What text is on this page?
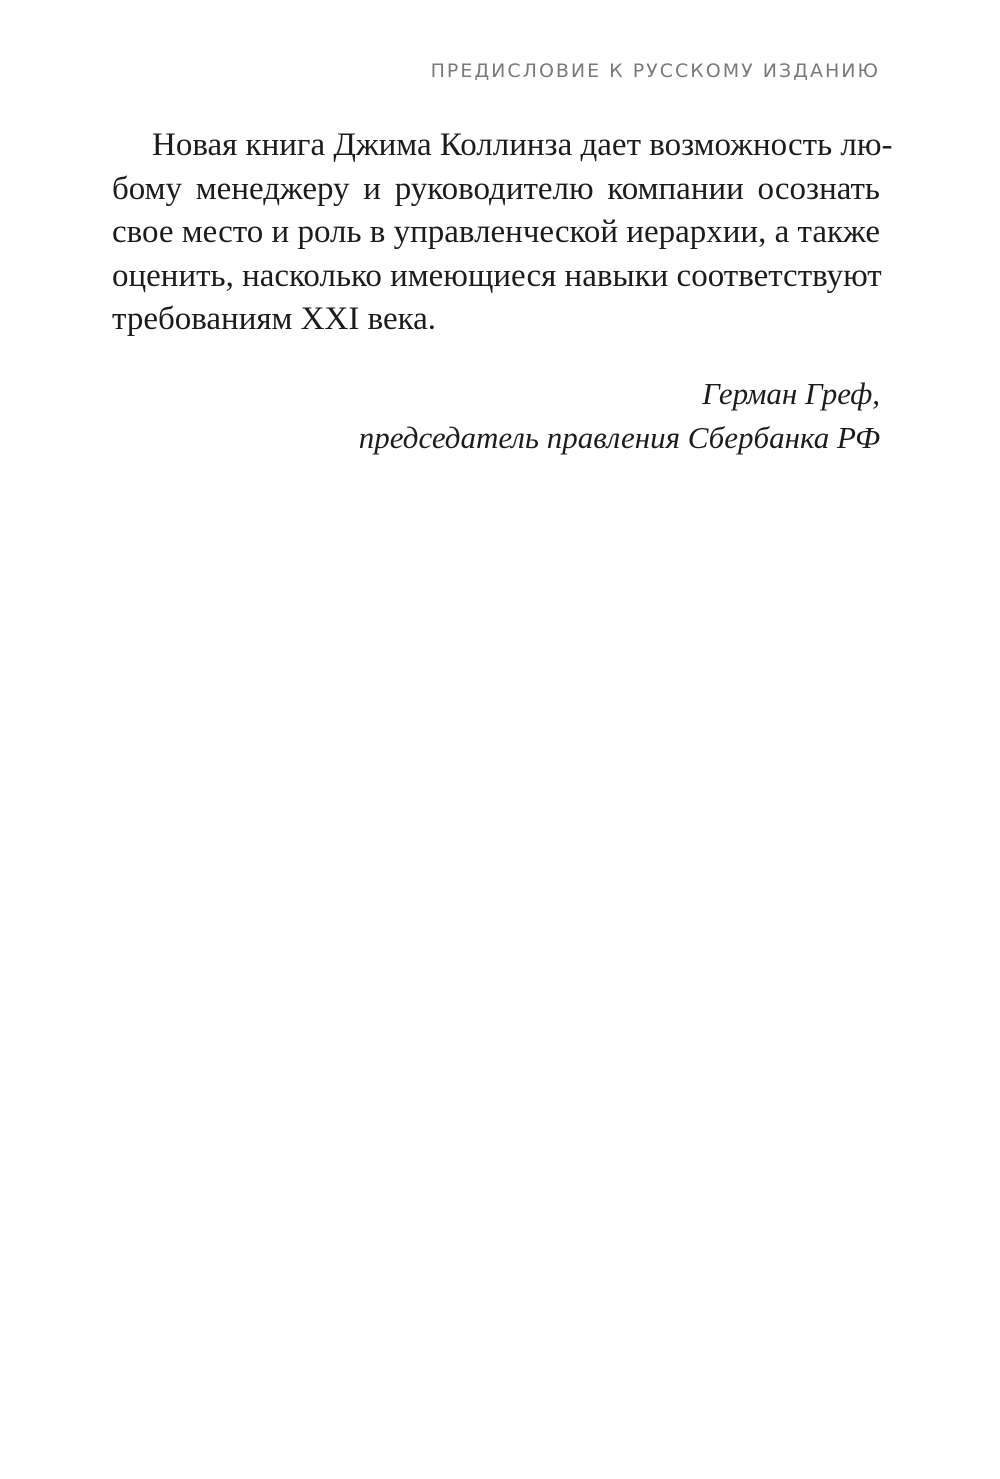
ПРЕДИСЛОВИЕ К РУССКОМУ ИЗДАНИЮ
Новая книга Джима Коллинза дает возможность лю-
бому менеджеру и руководителю компании осознать
свое место и роль в управленческой иерархии, а также
оценить, насколько имеющиеся навыки соответствуют
требованиям XXI века.
Герман Греф,
председатель правления Сбербанка РФ
